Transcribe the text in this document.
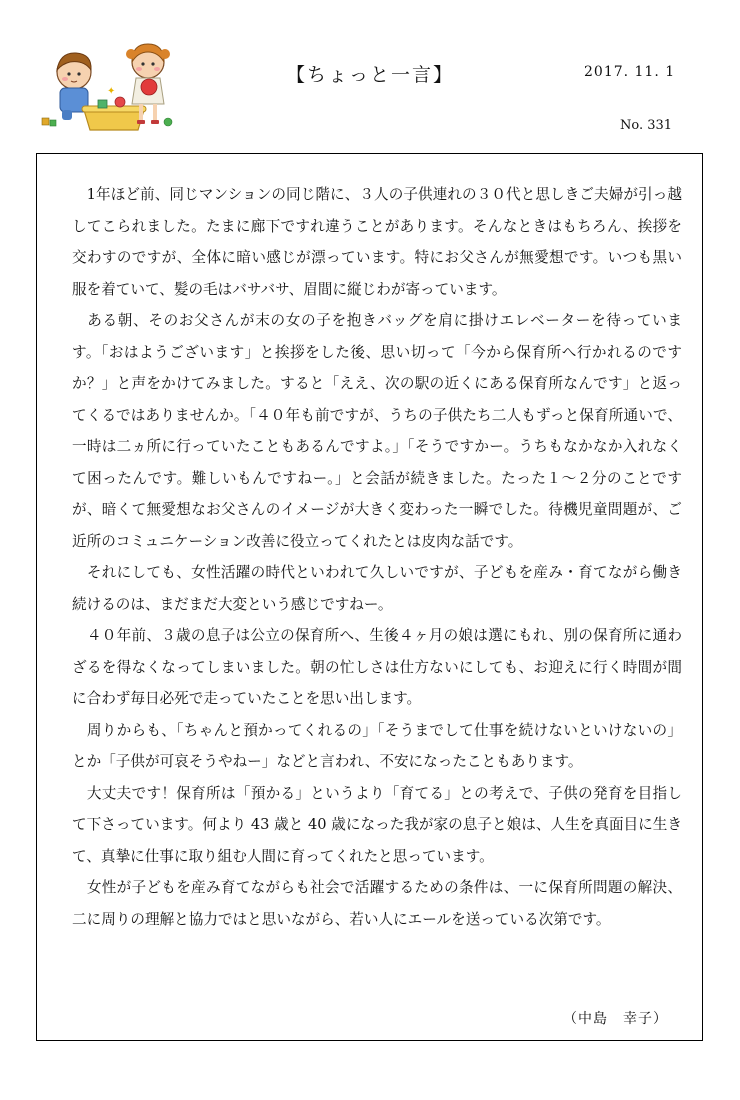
✦
【ちょっと一言】	2017. 11. 1
No. 331

　1年ほど前、同じマンションの同じ階に、３人の子供連れの３０代と思しきご夫婦が引っ越してこられました。たまに廊下ですれ違うことがあります。そんなときはもちろん、挨拶を交わすのですが、全体に暗い感じが漂っています。特にお父さんが無愛想です。いつも黒い服を着ていて、髪の毛はバサバサ、眉間に縦じわが寄っています。

　ある朝、そのお父さんが末の女の子を抱きバッグを肩に掛けエレベーターを待っています。「おはようございます」と挨拶をした後、思い切って「今から保育所へ行かれるのですか？」と声をかけてみました。すると「ええ、次の駅の近くにある保育所なんです」と返ってくるではありませんか。「４０年も前ですが、うちの子供たち二人もずっと保育所通いで、一時は二ヵ所に行っていたこともあるんですよ。」「そうですかー。うちもなかなか入れなくて困ったんです。難しいもんですねー。」と会話が続きました。たった１～２分のことですが、暗くて無愛想なお父さんのイメージが大きく変わった一瞬でした。待機児童問題が、ご近所のコミュニケーション改善に役立ってくれたとは皮肉な話です。

　それにしても、女性活躍の時代といわれて久しいですが、子どもを産み・育てながら働き続けるのは、まだまだ大変という感じですねー。

　４０年前、３歳の息子は公立の保育所へ、生後４ヶ月の娘は選にもれ、別の保育所に通わざるを得なくなってしまいました。朝の忙しさは仕方ないにしても、お迎えに行く時間が間に合わず毎日必死で走っていたことを思い出します。

　周りからも、「ちゃんと預かってくれるの」「そうまでして仕事を続けないといけないの」とか「子供が可哀そうやねー」などと言われ、不安になったこともあります。

　大丈夫です！保育所は「預かる」というより「育てる」との考えで、子供の発育を目指して下さっています。何より 43 歳と 40 歳になった我が家の息子と娘は、人生を真面目に生きて、真摯に仕事に取り組む人間に育ってくれたと思っています。

　女性が子どもを産み育てながらも社会で活躍するための条件は、一に保育所問題の解決、二に周りの理解と協力ではと思いながら、若い人にエールを送っている次第です。

（中島　幸子）
